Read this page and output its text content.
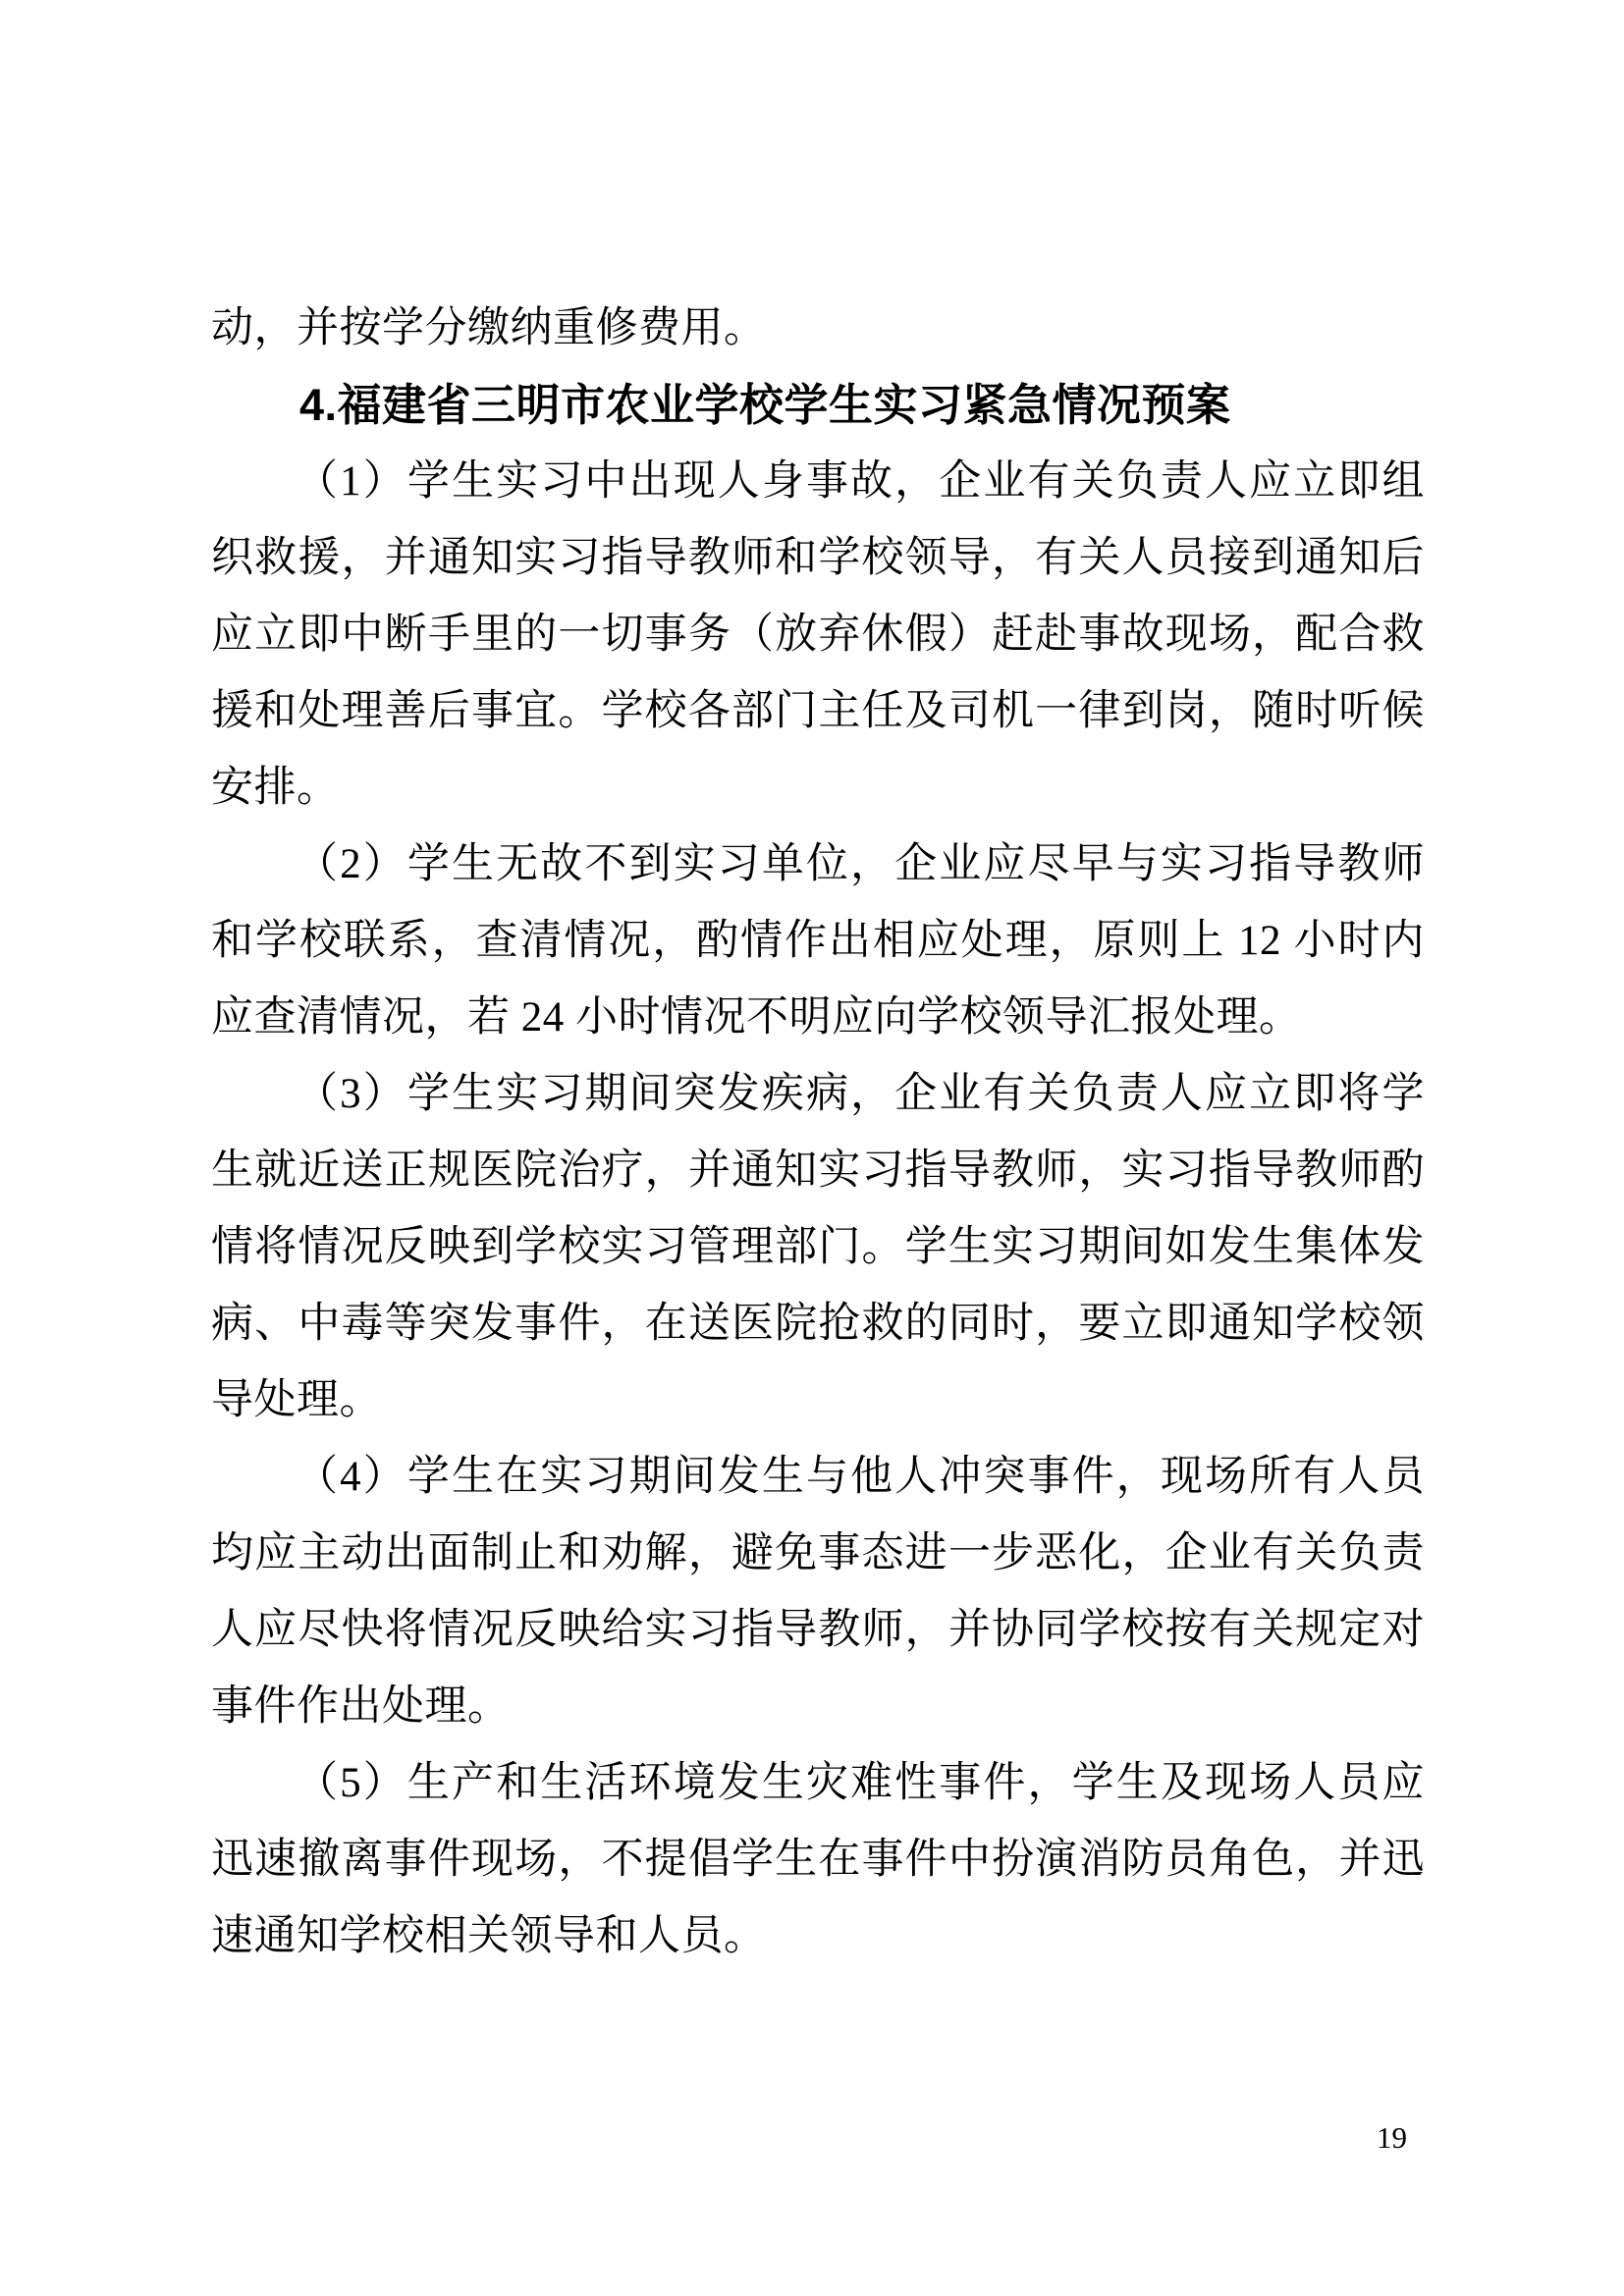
动，并按学分缴纳重修费用。
4.福建省三明市农业学校学生实习紧急情况预案
（1）学生实习中出现人身事故，企业有关负责人应立即组
织救援，并通知实习指导教师和学校领导，有关人员接到通知后
应立即中断手里的一切事务（放弃休假）赶赴事故现场，配合救
援和处理善后事宜。学校各部门主任及司机一律到岗，随时听候
安排。
（2）学生无故不到实习单位，企业应尽早与实习指导教师
和学校联系，查清情况，酌情作出相应处理，原则上 12 小时内
应查清情况，若 24 小时情况不明应向学校领导汇报处理。
（3）学生实习期间突发疾病，企业有关负责人应立即将学
生就近送正规医院治疗，并通知实习指导教师，实习指导教师酌
情将情况反映到学校实习管理部门。学生实习期间如发生集体发
病、中毒等突发事件，在送医院抢救的同时，要立即通知学校领
导处理。
（4）学生在实习期间发生与他人冲突事件，现场所有人员
均应主动出面制止和劝解，避免事态进一步恶化，企业有关负责
人应尽快将情况反映给实习指导教师，并协同学校按有关规定对
事件作出处理。
（5）生产和生活环境发生灾难性事件，学生及现场人员应
迅速撤离事件现场，不提倡学生在事件中扮演消防员角色，并迅
速通知学校相关领导和人员。
19
